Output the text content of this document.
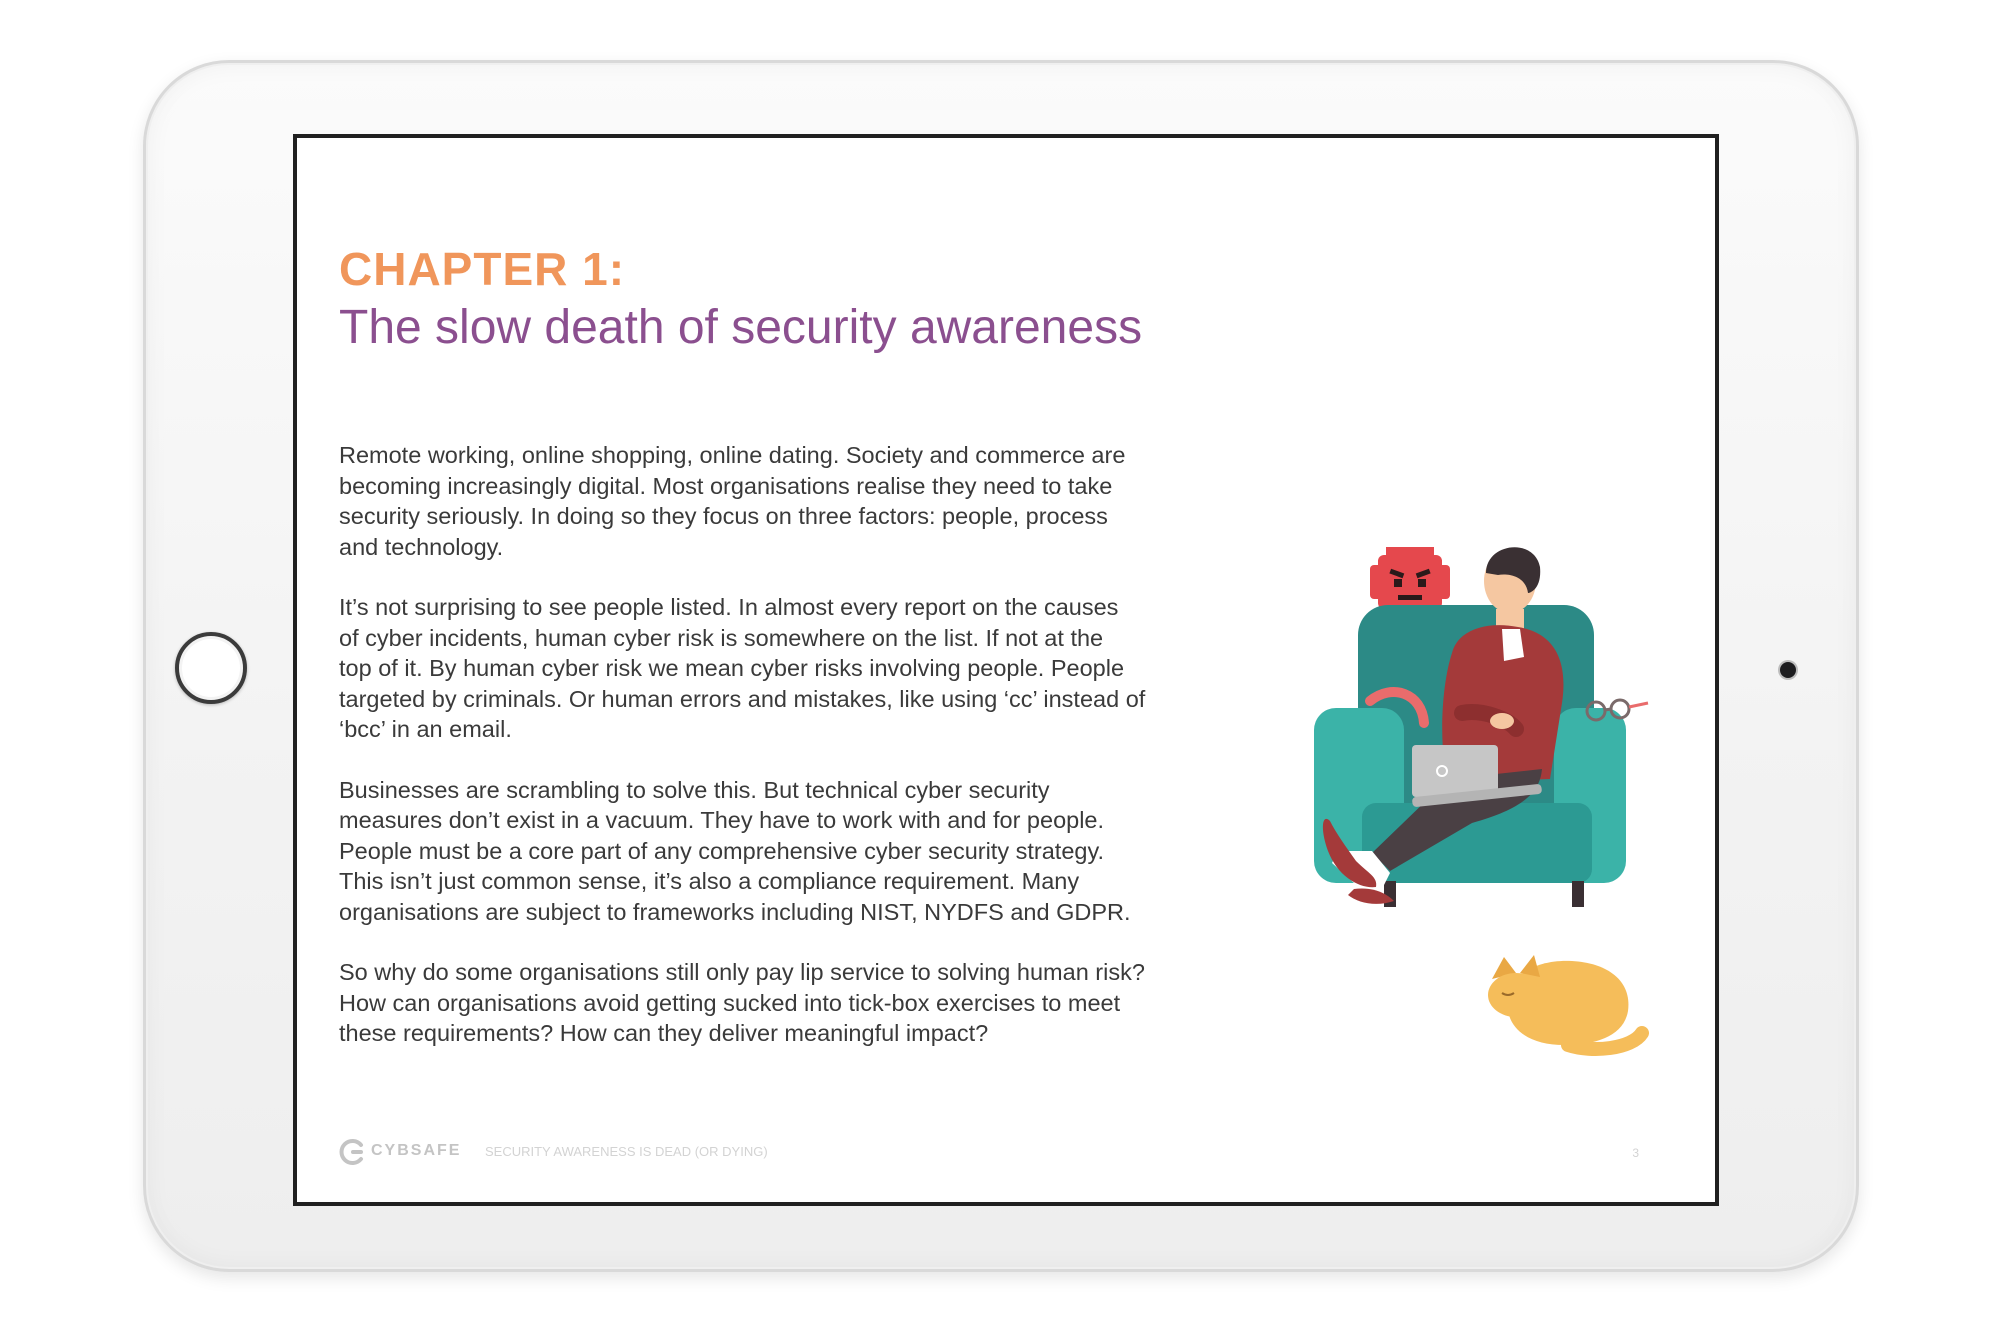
CHAPTER 1:
The slow death of security awareness

Remote working, online shopping, online dating. Society and commerce are
becoming increasingly digital. Most organisations realise they need to take
security seriously. In doing so they focus on three factors: people, process
and technology.

It’s not surprising to see people listed. In almost every report on the causes
of cyber incidents, human cyber risk is somewhere on the list. If not at the
top of it. By human cyber risk we mean cyber risks involving people. People
targeted by criminals. Or human errors and mistakes, like using ‘cc’ instead of
‘bcc’ in an email.

Businesses are scrambling to solve this. But technical cyber security
measures don’t exist in a vacuum. They have to work with and for people.
People must be a core part of any comprehensive cyber security strategy.
This isn’t just common sense, it’s also a compliance requirement. Many
organisations are subject to frameworks including NIST, NYDFS and GDPR.

So why do some organisations still only pay lip service to solving human risk?
How can organisations avoid getting sucked into tick-box exercises to meet
these requirements? How can they deliver meaningful impact?

CYBSAFE SECURITY AWARENESS IS DEAD (OR DYING)	3
